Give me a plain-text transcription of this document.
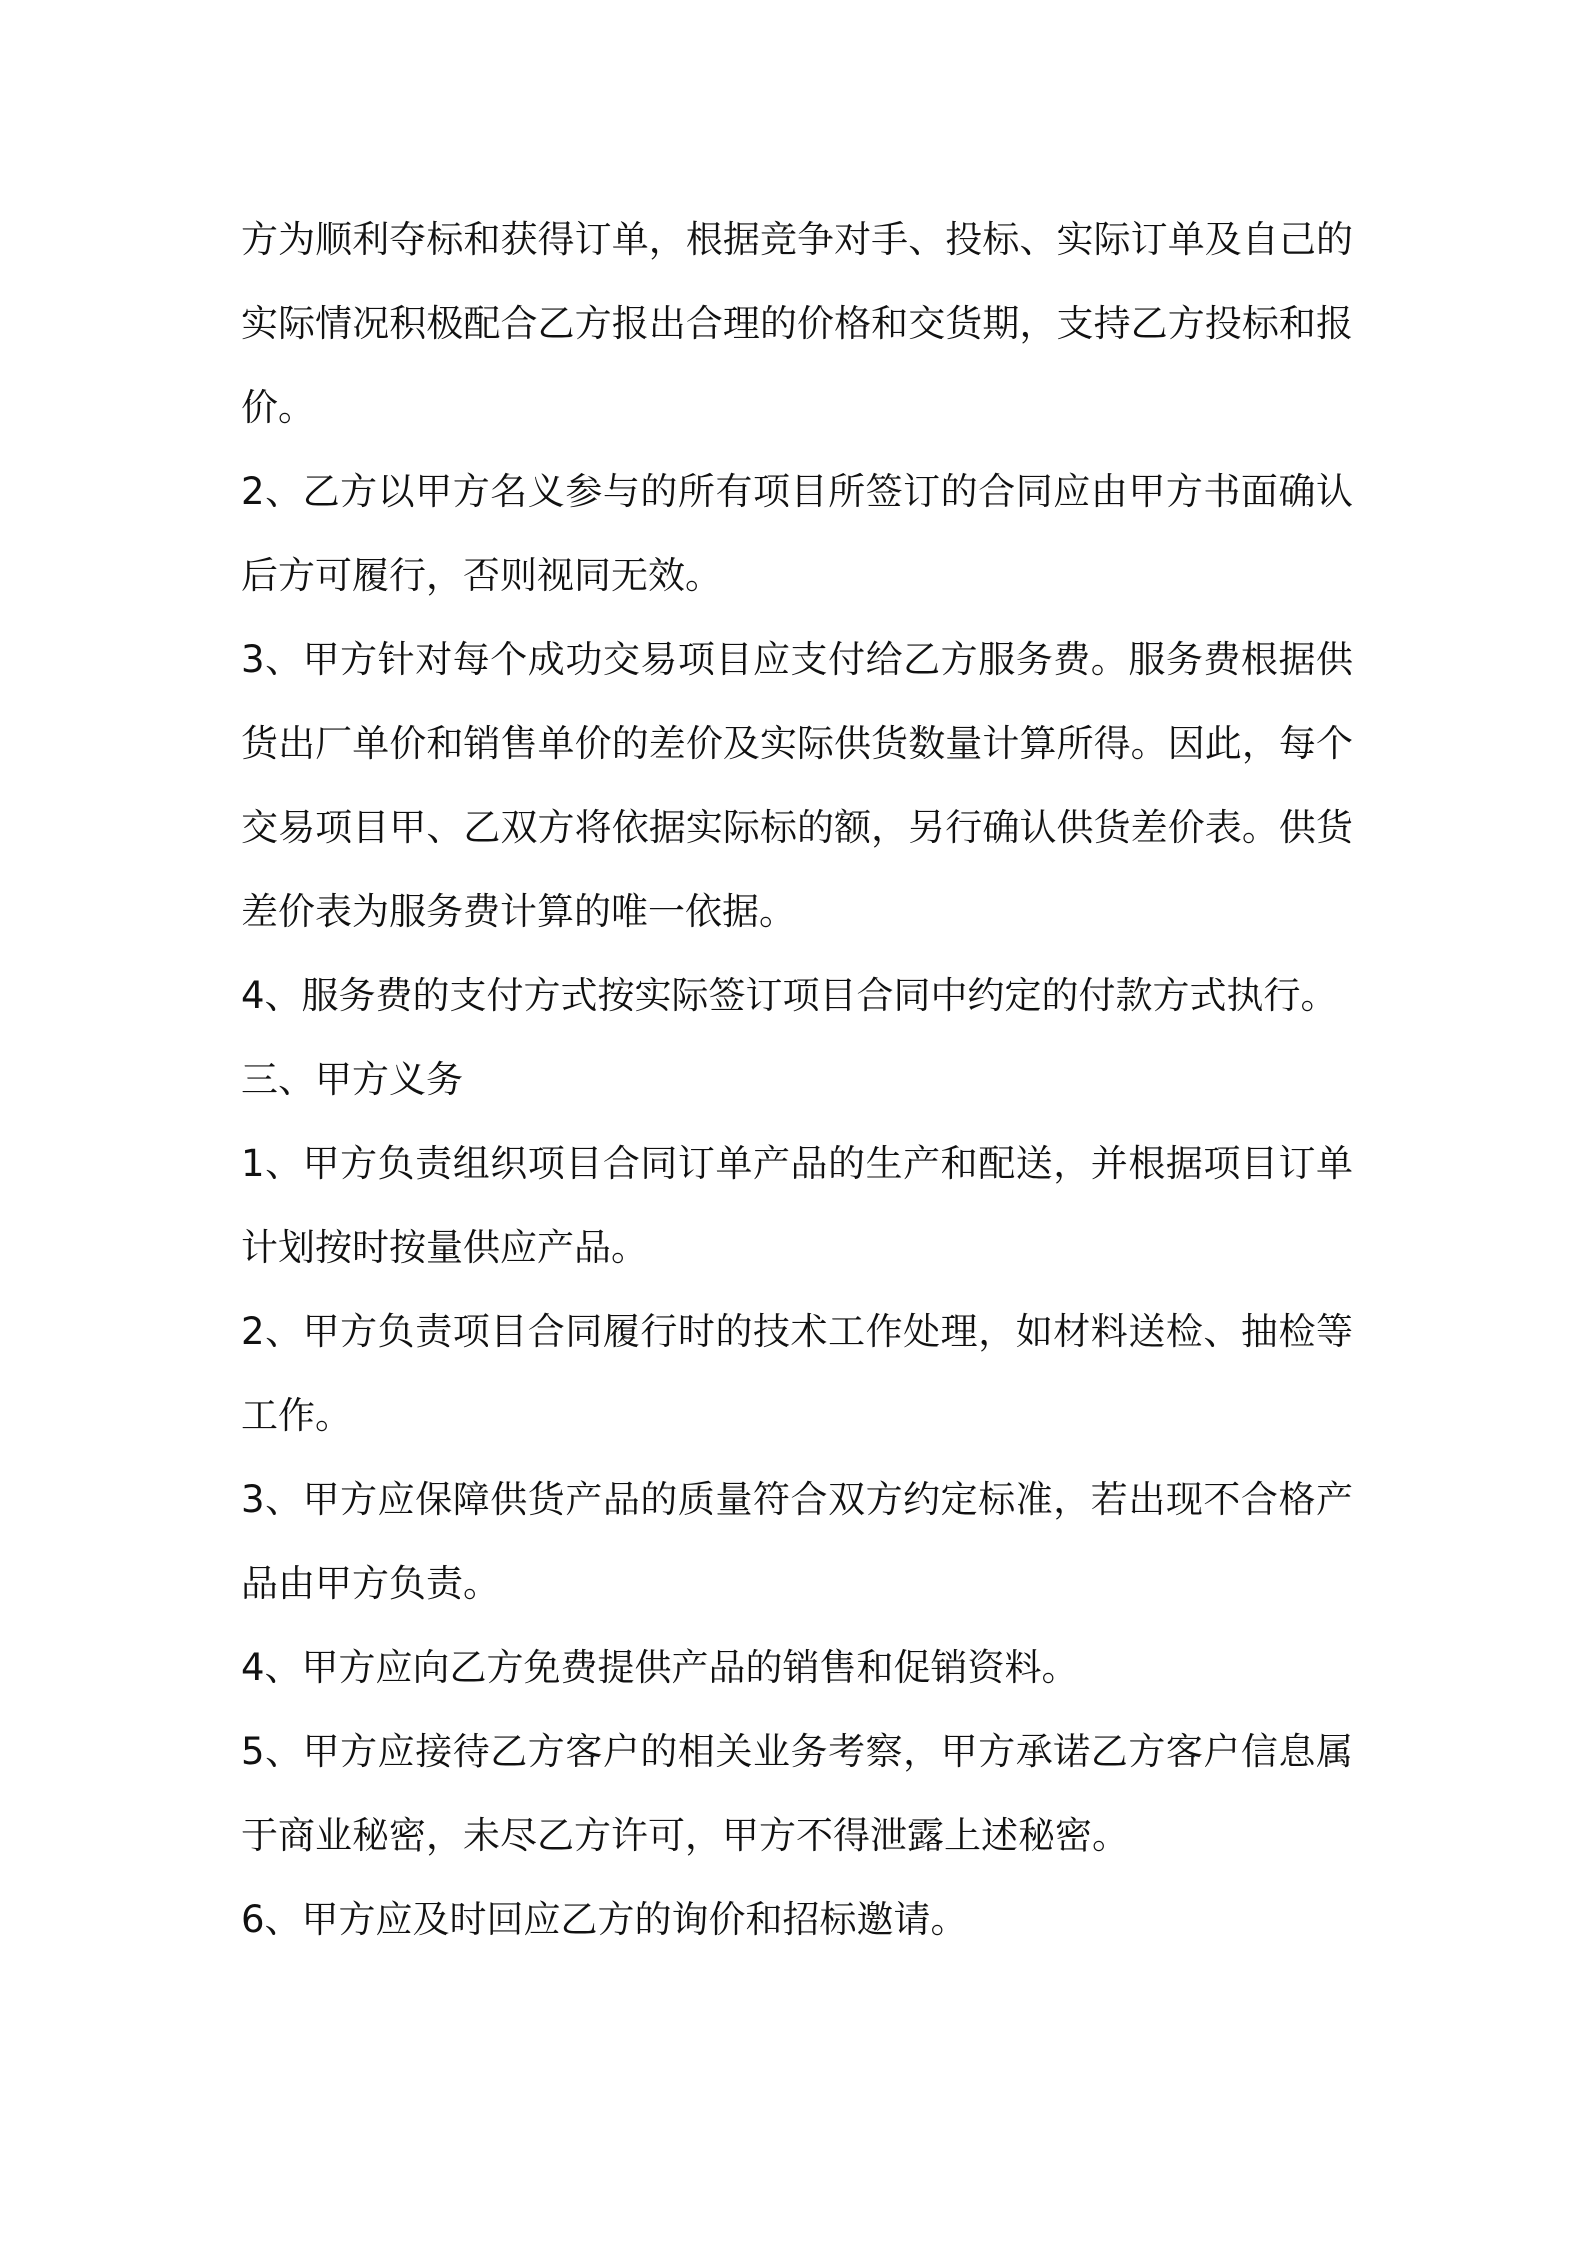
方为顺利夺标和获得订单，根据竞争对手、投标、实际订单及自己的实际情况积极配合乙方报出合理的价格和交货期，支持乙方投标和报价。

2、乙方以甲方名义参与的所有项目所签订的合同应由甲方书面确认后方可履行，否则视同无效。

3、甲方针对每个成功交易项目应支付给乙方服务费。服务费根据供货出厂单价和销售单价的差价及实际供货数量计算所得。因此，每个交易项目甲、乙双方将依据实际标的额，另行确认供货差价表。供货差价表为服务费计算的唯一依据。

4、服务费的支付方式按实际签订项目合同中约定的付款方式执行。

三、甲方义务

1、甲方负责组织项目合同订单产品的生产和配送，并根据项目订单计划按时按量供应产品。

2、甲方负责项目合同履行时的技术工作处理，如材料送检、抽检等工作。

3、甲方应保障供货产品的质量符合双方约定标准，若出现不合格产品由甲方负责。

4、甲方应向乙方免费提供产品的销售和促销资料。

5、甲方应接待乙方客户的相关业务考察，甲方承诺乙方客户信息属于商业秘密，未尽乙方许可，甲方不得泄露上述秘密。

6、甲方应及时回应乙方的询价和招标邀请。
